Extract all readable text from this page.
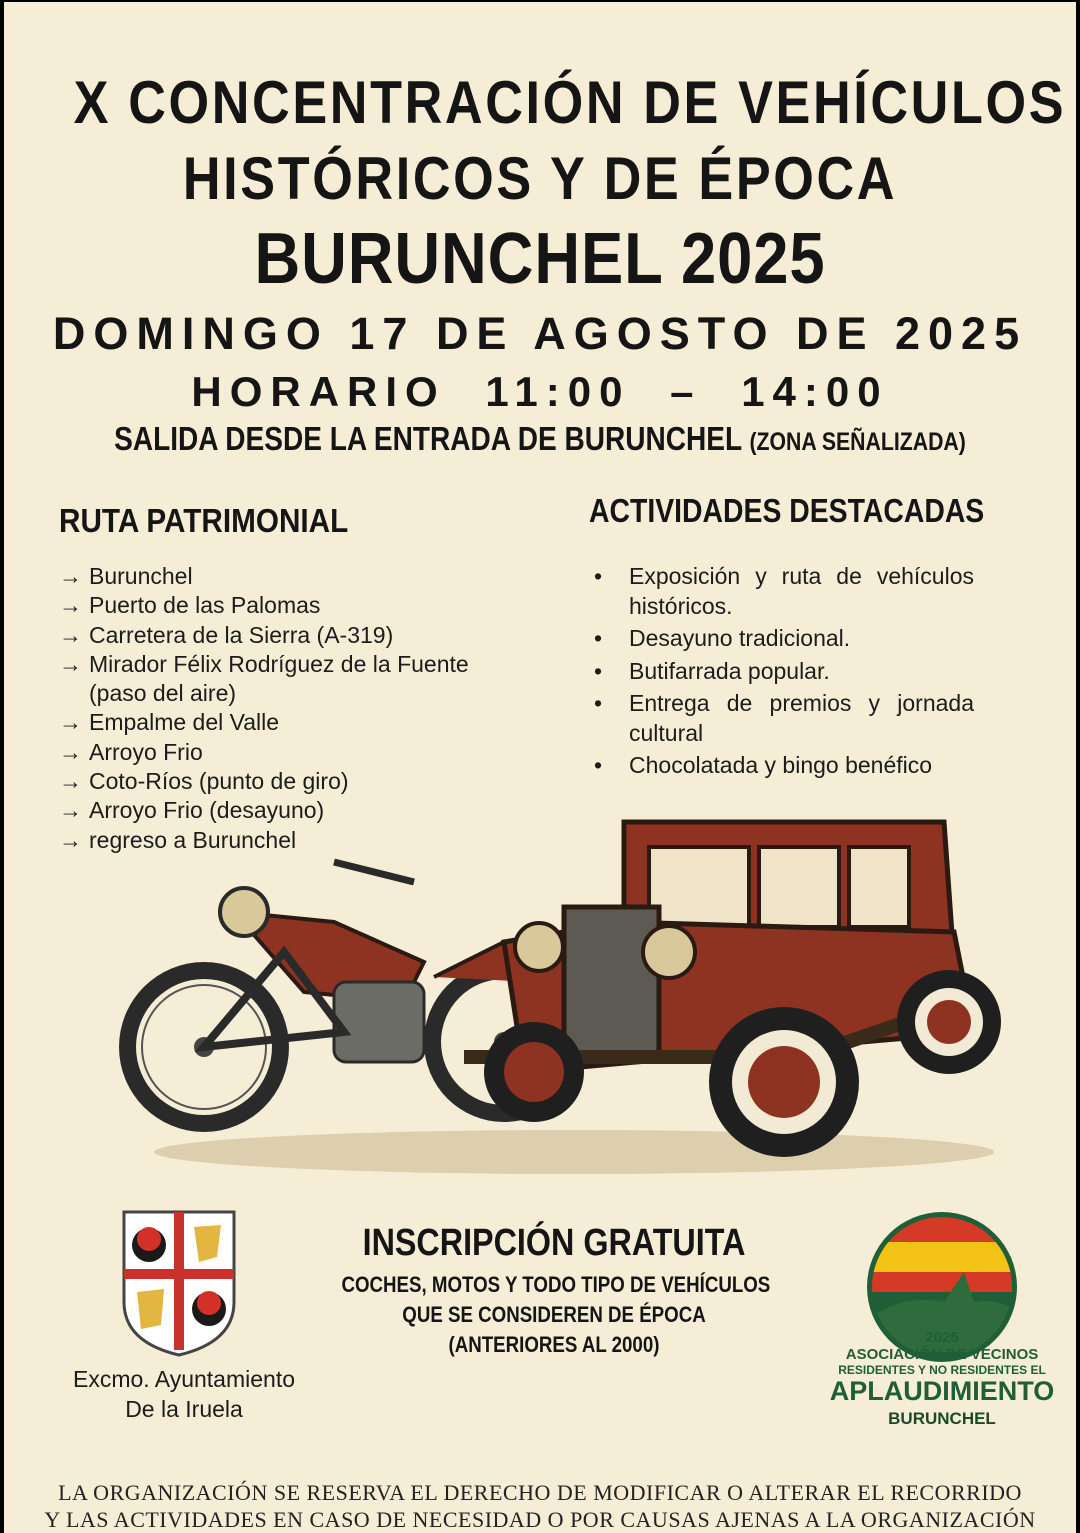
X CONCENTRACIÓN DE VEHÍCULOS
HISTÓRICOS Y DE ÉPOCA
BURUNCHEL 2025
DOMINGO 17 DE AGOSTO DE 2025
HORARIO 11:00 – 14:00
SALIDA DESDE LA ENTRADA DE BURUNCHEL (ZONA SEÑALIZADA)
RUTA PATRIMONIAL	ACTIVIDADES DESTACADAS
→ Burunchel
→ Puerto de las Palomas
→ Carretera de la Sierra (A-319)
→ Mirador Félix Rodríguez de la Fuente (paso del aire)
→ Empalme del Valle
→ Arroyo Frio
→ Coto-Ríos (punto de giro)
→ Arroyo Frio (desayuno)
→ regreso a Burunchel
•	Exposición y ruta de vehículos históricos.
•	Desayuno tradicional.
•	Butifarrada popular.
•	Entrega de premios y jornada cultural
•	Chocolatada y bingo benéfico
Excmo. Ayuntamiento
De la Iruela
INSCRIPCIÓN GRATUITA
COCHES, MOTOS Y TODO TIPO DE VEHÍCULOS
QUE SE CONSIDEREN DE ÉPOCA
(ANTERIORES AL 2000)	2025
ASOCIACIÓN DE VECINOS
RESIDENTES Y NO RESIDENTES EL
APLAUDIMIENTO
BURUNCHEL
LA ORGANIZACIÓN SE RESERVA EL DERECHO DE MODIFICAR O ALTERAR EL RECORRIDO
Y LAS ACTIVIDADES EN CASO DE NECESIDAD O POR CAUSAS AJENAS A LA ORGANIZACIÓN
